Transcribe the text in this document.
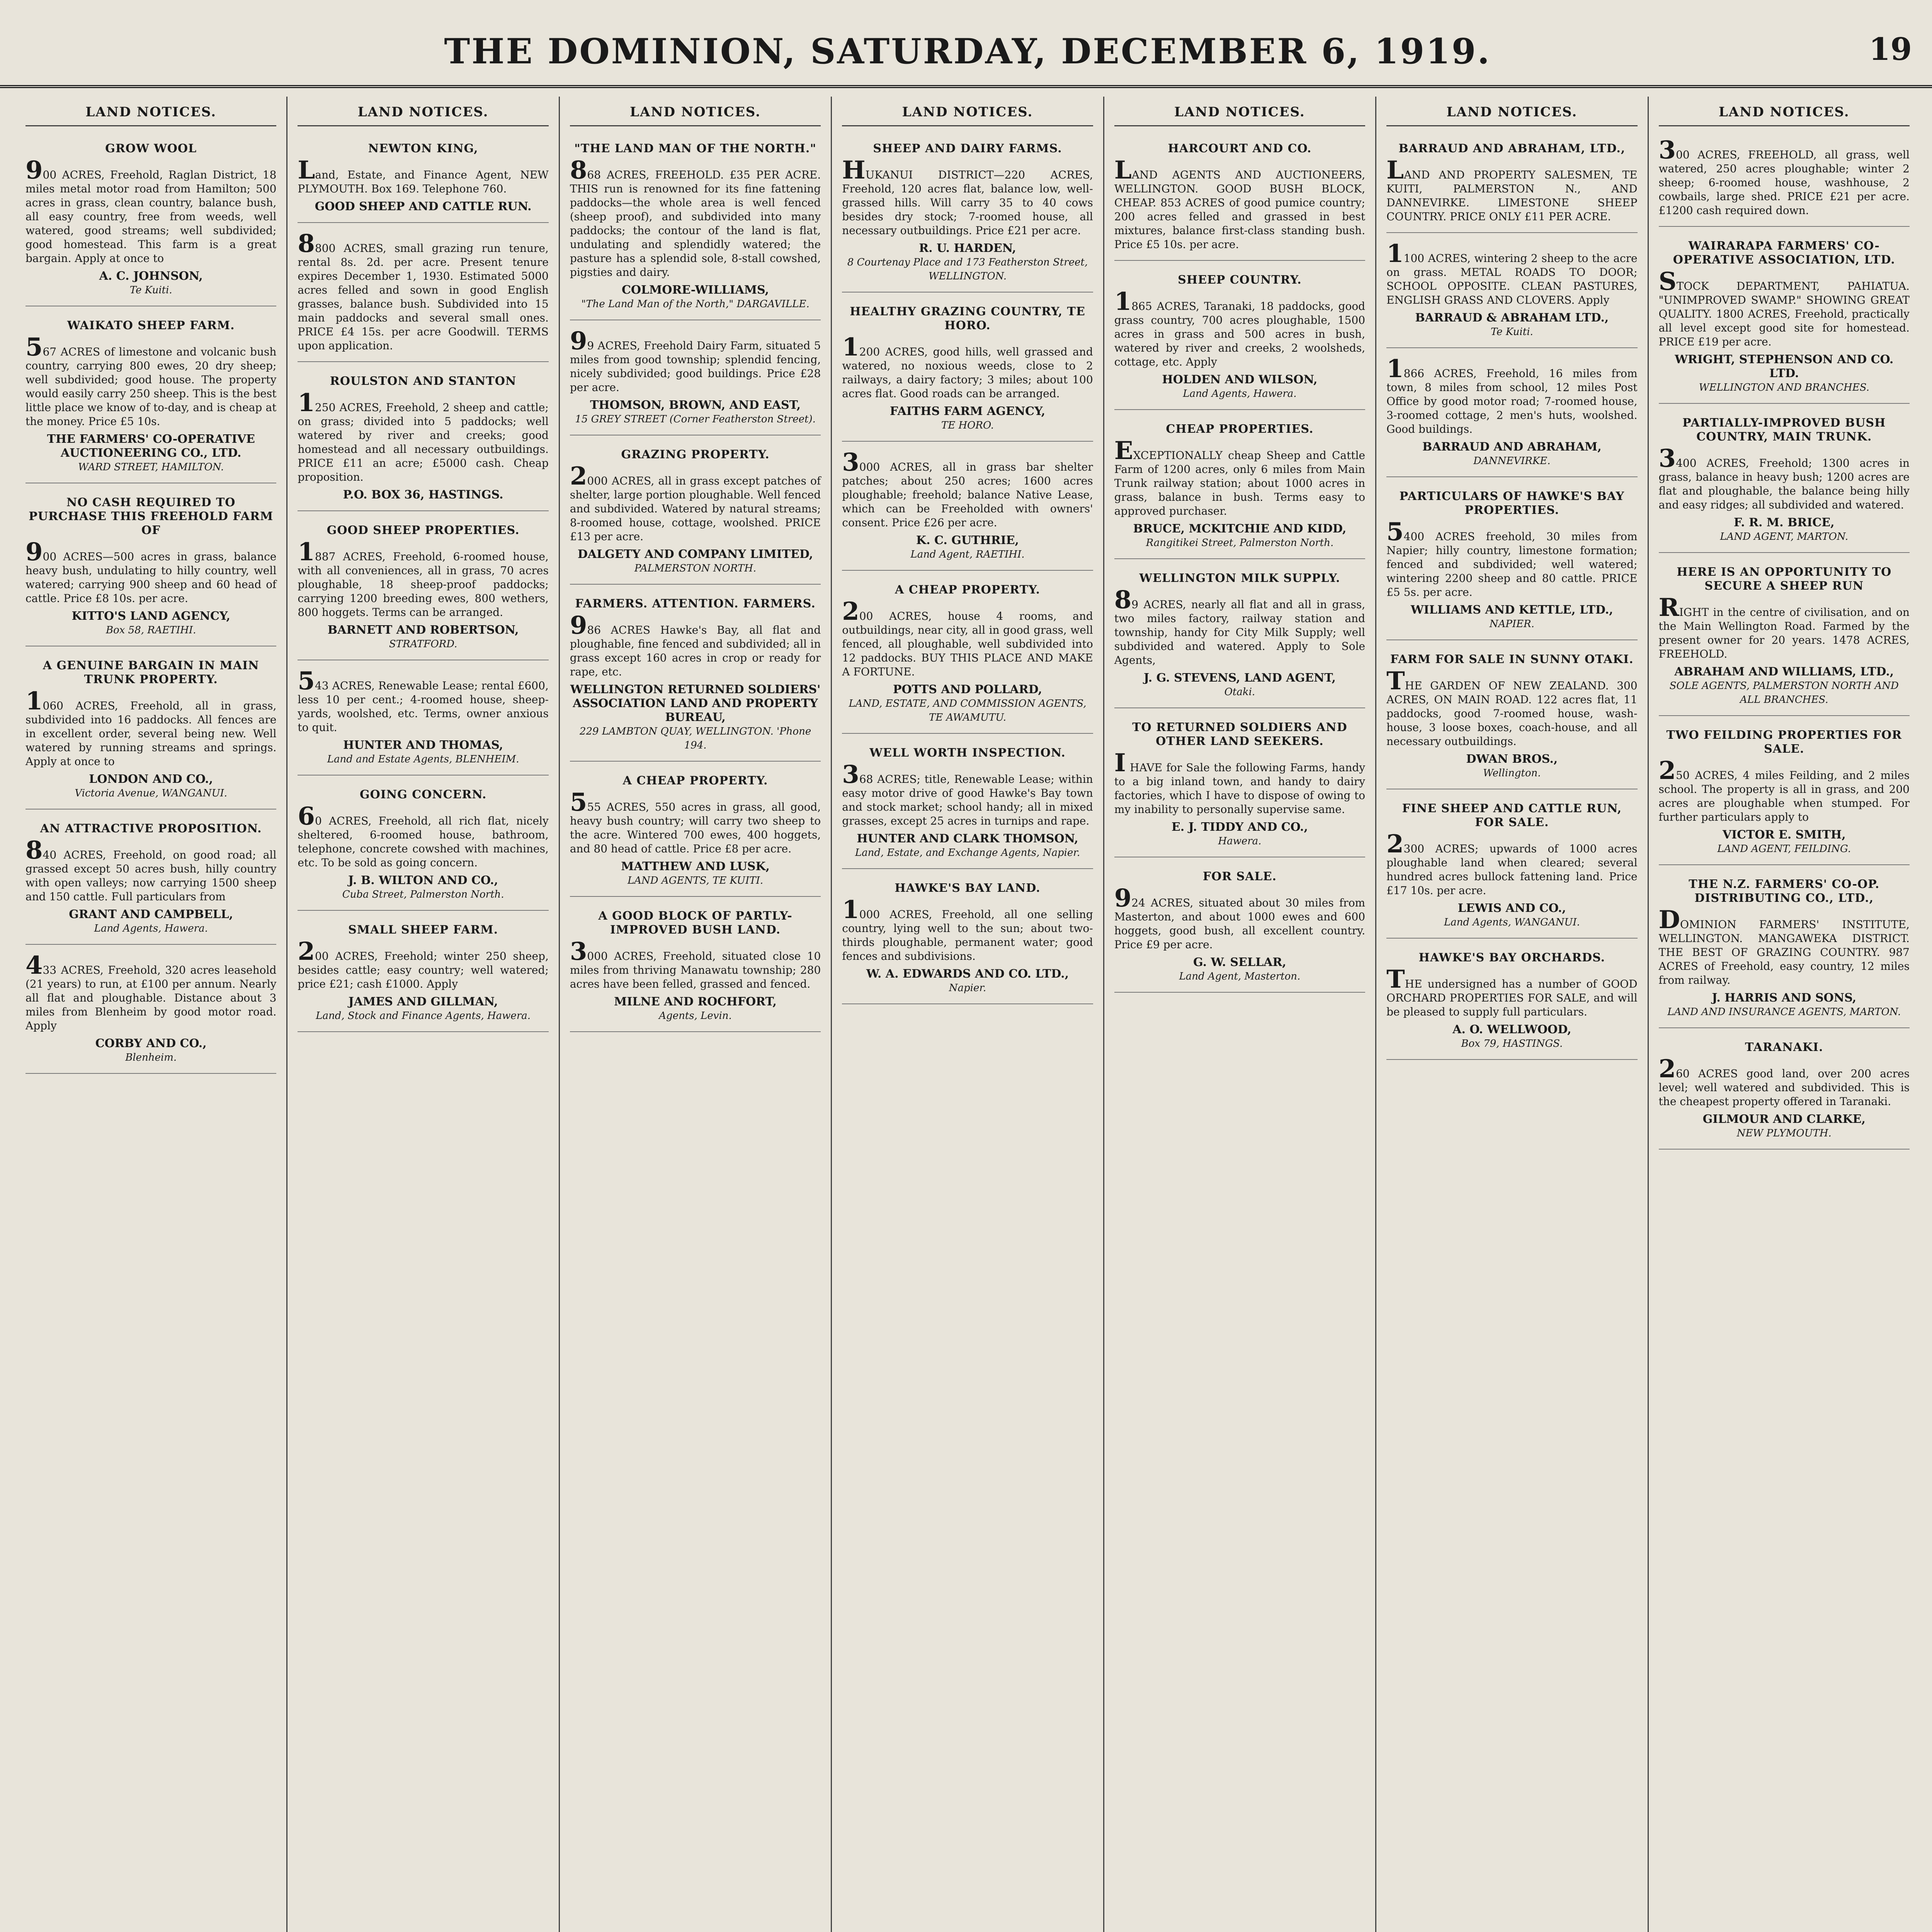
THE DOMINION, SATURDAY, DECEMBER 6, 1919.	19
LAND NOTICES.
GROW WOOL
900 ACRES, Freehold, Raglan District, 18 miles metal motor road from Hamilton; 500 acres in grass, clean country, balance bush, all easy country, free from weeds, well watered, good streams; well subdivided; good homestead. This farm is a great bargain. Apply at once to
A. C. JOHNSON,
Te Kuiti.
WAIKATO SHEEP FARM.
567 ACRES of limestone and volcanic bush country, carrying 800 ewes, 20 dry sheep; well subdivided; good house. The property would easily carry 250 sheep. This is the best little place we know of to-day, and is cheap at the money. Price £5 10s.
THE FARMERS' CO-OPERATIVE AUCTIONEERING CO., LTD.
WARD STREET, HAMILTON.
NO CASH REQUIRED TO PURCHASE THIS FREEHOLD FARM OF
900 ACRES—500 acres in grass, balance heavy bush, undulating to hilly country, well watered; carrying 900 sheep and 60 head of cattle. Price £8 10s. per acre.
KITTO'S LAND AGENCY,
Box 58, RAETIHI.
A GENUINE BARGAIN IN MAIN TRUNK PROPERTY.
1060 ACRES, Freehold, all in grass, subdivided into 16 paddocks. All fences are in excellent order, several being new. Well watered by running streams and springs. Apply at once to
LONDON AND CO.,
Victoria Avenue, WANGANUI.
AN ATTRACTIVE PROPOSITION.
840 ACRES, Freehold, on good road; all grassed except 50 acres bush, hilly country with open valleys; now carrying 1500 sheep and 150 cattle. Full particulars from
GRANT AND CAMPBELL,
Land Agents, Hawera.
433 ACRES, Freehold, 320 acres leasehold (21 years) to run, at £100 per annum. Nearly all flat and ploughable. Distance about 3 miles from Blenheim by good motor road. Apply
CORBY AND CO.,
Blenheim.
LAND NOTICES.
NEWTON KING,
Land, Estate, and Finance Agent, NEW PLYMOUTH. Box 169. Telephone 760.
GOOD SHEEP AND CATTLE RUN.
8800 ACRES, small grazing run tenure, rental 8s. 2d. per acre. Present tenure expires December 1, 1930. Estimated 5000 acres felled and sown in good English grasses, balance bush. Subdivided into 15 main paddocks and several small ones. PRICE £4 15s. per acre Goodwill. TERMS upon application.
ROULSTON AND STANTON
1250 ACRES, Freehold, 2 sheep and cattle; on grass; divided into 5 paddocks; well watered by river and creeks; good homestead and all necessary outbuildings. PRICE £11 an acre; £5000 cash. Cheap proposition.
P.O. BOX 36, HASTINGS.
GOOD SHEEP PROPERTIES.
1887 ACRES, Freehold, 6-roomed house, with all conveniences, all in grass, 70 acres ploughable, 18 sheep-proof paddocks; carrying 1200 breeding ewes, 800 wethers, 800 hoggets. Terms can be arranged.
BARNETT AND ROBERTSON,
STRATFORD.
543 ACRES, Renewable Lease; rental £600, less 10 per cent.; 4-roomed house, sheep-yards, woolshed, etc. Terms, owner anxious to quit.
HUNTER AND THOMAS,
Land and Estate Agents, BLENHEIM.
GOING CONCERN.
60 ACRES, Freehold, all rich flat, nicely sheltered, 6-roomed house, bathroom, telephone, concrete cowshed with machines, etc. To be sold as going concern.
J. B. WILTON AND CO.,
Cuba Street, Palmerston North.
SMALL SHEEP FARM.
200 ACRES, Freehold; winter 250 sheep, besides cattle; easy country; well watered; price £21; cash £1000. Apply
JAMES AND GILLMAN,
Land, Stock and Finance Agents, Hawera.
LAND NOTICES.
"THE LAND MAN OF THE NORTH."
868 ACRES, FREEHOLD. £35 PER ACRE. THIS run is renowned for its fine fattening paddocks—the whole area is well fenced (sheep proof), and subdivided into many paddocks; the contour of the land is flat, undulating and splendidly watered; the pasture has a splendid sole, 8-stall cowshed, pigsties and dairy.
COLMORE-WILLIAMS,
"The Land Man of the North," DARGAVILLE.
99 ACRES, Freehold Dairy Farm, situated 5 miles from good township; splendid fencing, nicely subdivided; good buildings. Price £28 per acre.
THOMSON, BROWN, AND EAST,
15 GREY STREET (Corner Featherston Street).
GRAZING PROPERTY.
2000 ACRES, all in grass except patches of shelter, large portion ploughable. Well fenced and subdivided. Watered by natural streams; 8-roomed house, cottage, woolshed. PRICE £13 per acre.
DALGETY AND COMPANY LIMITED,
PALMERSTON NORTH.
FARMERS. ATTENTION. FARMERS.
986 ACRES Hawke's Bay, all flat and ploughable, fine fenced and subdivided; all in grass except 160 acres in crop or ready for rape, etc.
WELLINGTON RETURNED SOLDIERS' ASSOCIATION LAND AND PROPERTY BUREAU,
229 LAMBTON QUAY, WELLINGTON. 'Phone 194.
A CHEAP PROPERTY.
555 ACRES, 550 acres in grass, all good, heavy bush country; will carry two sheep to the acre. Wintered 700 ewes, 400 hoggets, and 80 head of cattle. Price £8 per acre.
MATTHEW AND LUSK,
LAND AGENTS, TE KUITI.
A GOOD BLOCK OF PARTLY-IMPROVED BUSH LAND.
3000 ACRES, Freehold, situated close 10 miles from thriving Manawatu township; 280 acres have been felled, grassed and fenced.
MILNE AND ROCHFORT,
Agents, Levin.
LAND NOTICES.
SHEEP AND DAIRY FARMS.
HUKANUI DISTRICT—220 ACRES, Freehold, 120 acres flat, balance low, well-grassed hills. Will carry 35 to 40 cows besides dry stock; 7-roomed house, all necessary outbuildings. Price £21 per acre.
R. U. HARDEN,
8 Courtenay Place and 173 Featherston Street, WELLINGTON.
HEALTHY GRAZING COUNTRY, TE HORO.
1200 ACRES, good hills, well grassed and watered, no noxious weeds, close to 2 railways, a dairy factory; 3 miles; about 100 acres flat. Good roads can be arranged.
FAITHS FARM AGENCY,
TE HORO.
3000 ACRES, all in grass bar shelter patches; about 250 acres; 1600 acres ploughable; freehold; balance Native Lease, which can be Freeholded with owners' consent. Price £26 per acre.
K. C. GUTHRIE,
Land Agent, RAETIHI.
A CHEAP PROPERTY.
200 ACRES, house 4 rooms, and outbuildings, near city, all in good grass, well fenced, all ploughable, well subdivided into 12 paddocks. BUY THIS PLACE AND MAKE A FORTUNE.
POTTS AND POLLARD,
LAND, ESTATE, AND COMMISSION AGENTS, TE AWAMUTU.
WELL WORTH INSPECTION.
368 ACRES; title, Renewable Lease; within easy motor drive of good Hawke's Bay town and stock market; school handy; all in mixed grasses, except 25 acres in turnips and rape.
HUNTER AND CLARK THOMSON,
Land, Estate, and Exchange Agents, Napier.
HAWKE'S BAY LAND.
1000 ACRES, Freehold, all one selling country, lying well to the sun; about two-thirds ploughable, permanent water; good fences and subdivisions.
W. A. EDWARDS AND CO. LTD.,
Napier.
LAND NOTICES.
HARCOURT AND CO.
LAND AGENTS AND AUCTIONEERS, WELLINGTON. GOOD BUSH BLOCK, CHEAP. 853 ACRES of good pumice country; 200 acres felled and grassed in best mixtures, balance first-class standing bush. Price £5 10s. per acre.
SHEEP COUNTRY.
1865 ACRES, Taranaki, 18 paddocks, good grass country, 700 acres ploughable, 1500 acres in grass and 500 acres in bush, watered by river and creeks, 2 woolsheds, cottage, etc. Apply
HOLDEN AND WILSON,
Land Agents, Hawera.
CHEAP PROPERTIES.
EXCEPTIONALLY cheap Sheep and Cattle Farm of 1200 acres, only 6 miles from Main Trunk railway station; about 1000 acres in grass, balance in bush. Terms easy to approved purchaser.
BRUCE, MCKITCHIE AND KIDD,
Rangitikei Street, Palmerston North.
WELLINGTON MILK SUPPLY.
89 ACRES, nearly all flat and all in grass, two miles factory, railway station and township, handy for City Milk Supply; well subdivided and watered. Apply to Sole Agents,
J. G. STEVENS, LAND AGENT,
Otaki.
TO RETURNED SOLDIERS AND OTHER LAND SEEKERS.
I HAVE for Sale the following Farms, handy to a big inland town, and handy to dairy factories, which I have to dispose of owing to my inability to personally supervise same.
E. J. TIDDY AND CO.,
Hawera.
FOR SALE.
924 ACRES, situated about 30 miles from Masterton, and about 1000 ewes and 600 hoggets, good bush, all excellent country. Price £9 per acre.
G. W. SELLAR,
Land Agent, Masterton.
LAND NOTICES.
BARRAUD AND ABRAHAM, LTD.,
LAND AND PROPERTY SALESMEN, TE KUITI, PALMERSTON N., AND DANNEVIRKE. LIMESTONE SHEEP COUNTRY. PRICE ONLY £11 PER ACRE.
1100 ACRES, wintering 2 sheep to the acre on grass. METAL ROADS TO DOOR; SCHOOL OPPOSITE. CLEAN PASTURES, ENGLISH GRASS AND CLOVERS. Apply
BARRAUD & ABRAHAM LTD.,
Te Kuiti.
1866 ACRES, Freehold, 16 miles from town, 8 miles from school, 12 miles Post Office by good motor road; 7-roomed house, 3-roomed cottage, 2 men's huts, woolshed. Good buildings.
BARRAUD AND ABRAHAM,
DANNEVIRKE.
PARTICULARS OF HAWKE'S BAY PROPERTIES.
5400 ACRES freehold, 30 miles from Napier; hilly country, limestone formation; fenced and subdivided; well watered; wintering 2200 sheep and 80 cattle. PRICE £5 5s. per acre.
WILLIAMS AND KETTLE, LTD.,
NAPIER.
FARM FOR SALE IN SUNNY OTAKI.
THE GARDEN OF NEW ZEALAND. 300 ACRES, ON MAIN ROAD. 122 acres flat, 11 paddocks, good 7-roomed house, wash-house, 3 loose boxes, coach-house, and all necessary outbuildings.
DWAN BROS.,
Wellington.
FINE SHEEP AND CATTLE RUN, FOR SALE.
2300 ACRES; upwards of 1000 acres ploughable land when cleared; several hundred acres bullock fattening land. Price £17 10s. per acre.
LEWIS AND CO.,
Land Agents, WANGANUI.
HAWKE'S BAY ORCHARDS.
THE undersigned has a number of GOOD ORCHARD PROPERTIES FOR SALE, and will be pleased to supply full particulars.
A. O. WELLWOOD,
Box 79, HASTINGS.
LAND NOTICES.
300 ACRES, FREEHOLD, all grass, well watered, 250 acres ploughable; winter 2 sheep; 6-roomed house, washhouse, 2 cowbails, large shed. PRICE £21 per acre. £1200 cash required down.
WAIRARAPA FARMERS' CO-OPERATIVE ASSOCIATION, LTD.
STOCK DEPARTMENT, PAHIATUA. "UNIMPROVED SWAMP." SHOWING GREAT QUALITY. 1800 ACRES, Freehold, practically all level except good site for homestead. PRICE £19 per acre.
WRIGHT, STEPHENSON AND CO. LTD.
WELLINGTON AND BRANCHES.
PARTIALLY-IMPROVED BUSH COUNTRY, MAIN TRUNK.
3400 ACRES, Freehold; 1300 acres in grass, balance in heavy bush; 1200 acres are flat and ploughable, the balance being hilly and easy ridges; all subdivided and watered.
F. R. M. BRICE,
LAND AGENT, MARTON.
HERE IS AN OPPORTUNITY TO SECURE A SHEEP RUN
RIGHT in the centre of civilisation, and on the Main Wellington Road. Farmed by the present owner for 20 years. 1478 ACRES, FREEHOLD.
ABRAHAM AND WILLIAMS, LTD.,
SOLE AGENTS, PALMERSTON NORTH AND ALL BRANCHES.
TWO FEILDING PROPERTIES FOR SALE.
250 ACRES, 4 miles Feilding, and 2 miles school. The property is all in grass, and 200 acres are ploughable when stumped. For further particulars apply to
VICTOR E. SMITH,
LAND AGENT, FEILDING.
THE N.Z. FARMERS' CO-OP. DISTRIBUTING CO., LTD.,
DOMINION FARMERS' INSTITUTE, WELLINGTON. MANGAWEKA DISTRICT. THE BEST OF GRAZING COUNTRY. 987 ACRES of Freehold, easy country, 12 miles from railway.
J. HARRIS AND SONS,
LAND AND INSURANCE AGENTS, MARTON.
TARANAKI.
260 ACRES good land, over 200 acres level; well watered and subdivided. This is the cheapest property offered in Taranaki.
GILMOUR AND CLARKE,
NEW PLYMOUTH.
